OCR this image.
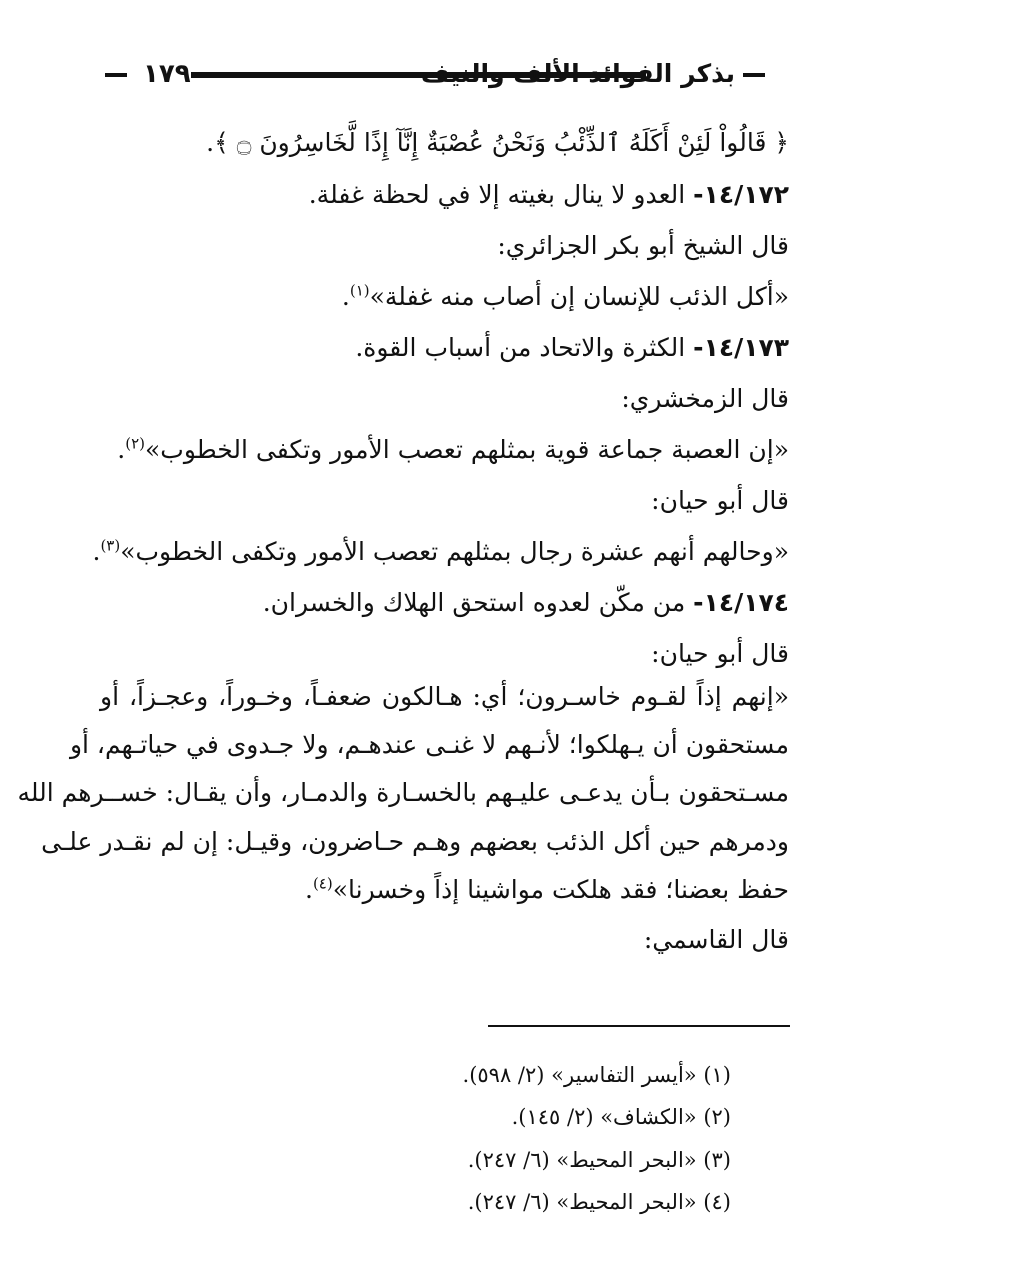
١٧٩	بذكر الفوائد الألف والنيف
﴿ قَالُواْ لَئِنْ أَكَلَهُ ٱلذِّئْبُ وَنَحْنُ عُصْبَةٌ إِنَّآ إِذًا لَّخَاسِرُونَ ۝ ﴾.
١٤/١٧٢- العدو لا ينال بغيته إلا في لحظة غفلة.
قال الشيخ أبو بكر الجزائري:
«أكل الذئب للإنسان إن أصاب منه غفلة»$^{(١)}$.
١٤/١٧٣- الكثرة والاتحاد من أسباب القوة.
قال الزمخشري:
«إن العصبة جماعة قوية بمثلهم تعصب الأمور وتكفى الخطوب»$^{(٢)}$.
قال أبو حيان:
«وحالهم أنهم عشرة رجال بمثلهم تعصب الأمور وتكفى الخطوب»$^{(٣)}$.
١٤/١٧٤- من مكّن لعدوه استحق الهلاك والخسران.
قال أبو حيان:
«إنهم إذاً لقـوم خاسـرون؛ أي: هـالكون ضعفـاً، وخـوراً، وعجـزاً، أو
مستحقون أن يـهلكوا؛ لأنـهم لا غنـى عندهـم، ولا جـدوى في حياتـهم، أو
مسـتحقون بـأن يدعـى عليـهم بالخسـارة والدمـار، وأن يقـال: خســرهم الله
ودمرهم حين أكل الذئب بعضهم وهـم حـاضرون، وقيـل: إن لم نقـدر علـى
حفظ بعضنا؛ فقد هلكت مواشينا إذاً وخسرنا»$^{(٤)}$.
قال القاسمي:
(١) «أيسر التفاسير» (٢/ ٥٩٨).
(٢) «الكشاف» (٢/ ١٤٥).
(٣) «البحر المحيط» (٦/ ٢٤٧).
(٤) «البحر المحيط» (٦/ ٢٤٧).
